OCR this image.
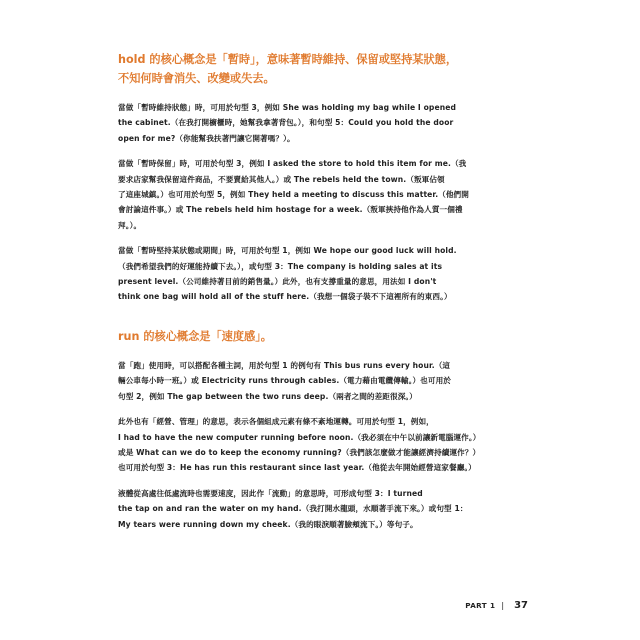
hold 的核心概念是「暫時」，意味著暫時維持、保留或堅持某狀態，
不知何時會消失、改變或失去。
當做「暫時維持狀態」時，可用於句型 3，例如 She was holding my bag while I opened
the cabinet.（在我打開櫥櫃時，她幫我拿著背包。），和句型 5：Could you hold the door
open for me?（你能幫我扶著門讓它開著嗎？）。
當做「暫時保留」時，可用於句型 3，例如 I asked the store to hold this item for me.（我
要求店家幫我保留這件商品，不要賣給其他人。）或 The rebels held the town.（叛軍佔領
了這座城鎮。）也可用於句型 5，例如 They held a meeting to discuss this matter.（他們開
會討論這件事。）或 The rebels held him hostage for a week.（叛軍挾持他作為人質一個禮
拜。）。
當做「暫時堅持某狀態或期間」時，可用於句型 1，例如 We hope our good luck will hold.
（我們希望我們的好運能持續下去。），或句型 3：The company is holding sales at its
present level.（公司維持著目前的銷售量。）此外，也有支撐重量的意思，用法如 I don't
think one bag will hold all of the stuff here.（我想一個袋子裝不下這裡所有的東西。）
run 的核心概念是「速度感」。
當「跑」使用時，可以搭配各種主詞，用於句型 1 的例句有 This bus runs every hour.（這
輛公車每小時一班。）或 Electricity runs through cables.（電力藉由電纜傳輸。）也可用於
句型 2，例如 The gap between the two runs deep.（兩者之間的差距很深。）
此外也有「經營、管理」的意思，表示各個組成元素有條不紊地運轉。可用於句型 1，例如，
I had to have the new computer running before noon.（我必須在中午以前讓新電腦運作。）
或是 What can we do to keep the economy running?（我們該怎麼做才能讓經濟持續運作？）
也可用於句型 3：He has run this restaurant since last year.（他從去年開始經營這家餐廳。）
液體從高處往低處流時也需要速度，因此作「流動」的意思時，可形成句型 3：I turned
the tap on and ran the water on my hand.（我打開水龍頭，水順著手流下來。）或句型 1：
My tears were running down my cheek.（我的眼淚順著臉頰流下。）等句子。
PART 1 | 37
